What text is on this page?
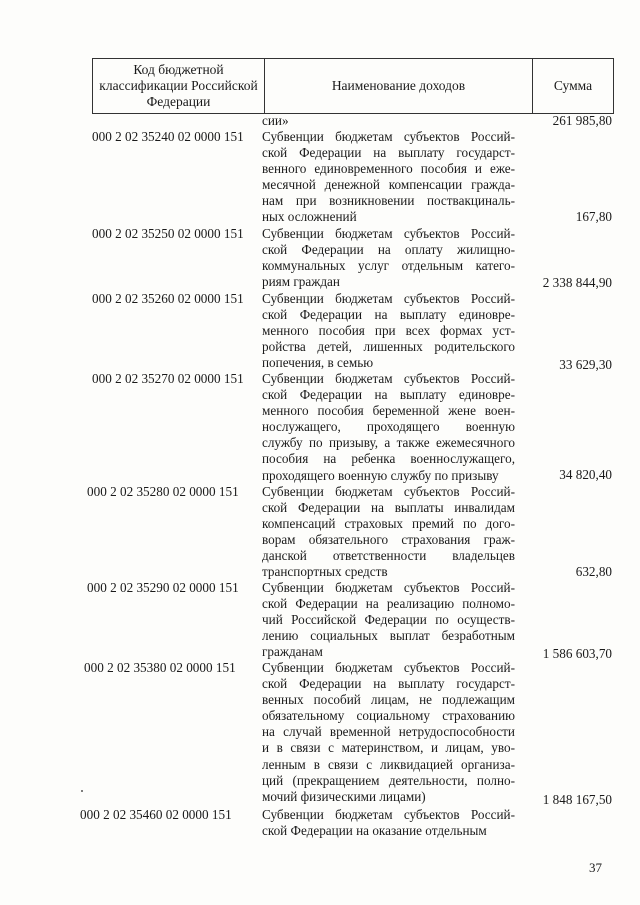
Код бюджетной классификации Российской Федерации
Наименование доходов	Сумма
сии»
000 2 02 35240 02 0000 151 Субвенции бюджетам субъектов Россий-
ской Федерации на выплату государст-
венного единовременного пособия и еже-
месячной денежной компенсации гражда-
нам при возникновении поствакциналь-
ных осложнений
261 985,80
000 2 02 35250 02 0000 151 Субвенции бюджетам субъектов Россий-
ской Федерации на оплату жилищно-
коммунальных услуг отдельным катего-
риям граждан
167,80
000 2 02 35260 02 0000 151 Субвенции бюджетам субъектов Россий-
ской Федерации на выплату единовре-
менного пособия при всех формах уст-
ройства детей, лишенных родительского
попечения, в семью
2 338 844,90
000 2 02 35270 02 0000 151 Субвенции бюджетам субъектов Россий-
ской Федерации на выплату единовре-
менного пособия беременной жене воен-
нослужащего, проходящего военную
службу по призыву, а также ежемесячного
пособия на ребенка военнослужащего,
проходящего военную службу по призыву
33 629,30
000 2 02 35280 02 0000 151 Субвенции бюджетам субъектов Россий-
ской Федерации на выплаты инвалидам
компенсаций страховых премий по дого-
ворам обязательного страхования граж-
данской ответственности владельцев
транспортных средств
34 820,40
000 2 02 35290 02 0000 151 Субвенции бюджетам субъектов Россий-
ской Федерации на реализацию полномо-
чий Российской Федерации по осуществ-
лению социальных выплат безработным
гражданам
632,80
000 2 02 35380 02 0000 151 Субвенции бюджетам субъектов Россий-
ской Федерации на выплату государст-
венных пособий лицам, не подлежащим
обязательному социальному страхованию
на случай временной нетрудоспособности
и в связи с материнством, и лицам, уво-
ленным в связи с ликвидацией организа-
ций (прекращением деятельности, полно-
мочий физическими лицами)
1 586 603,70
000 2 02 35460 02 0000 151 Субвенции бюджетам субъектов Россий-
ской Федерации на оказание отдельным
1 848 167,50
37
